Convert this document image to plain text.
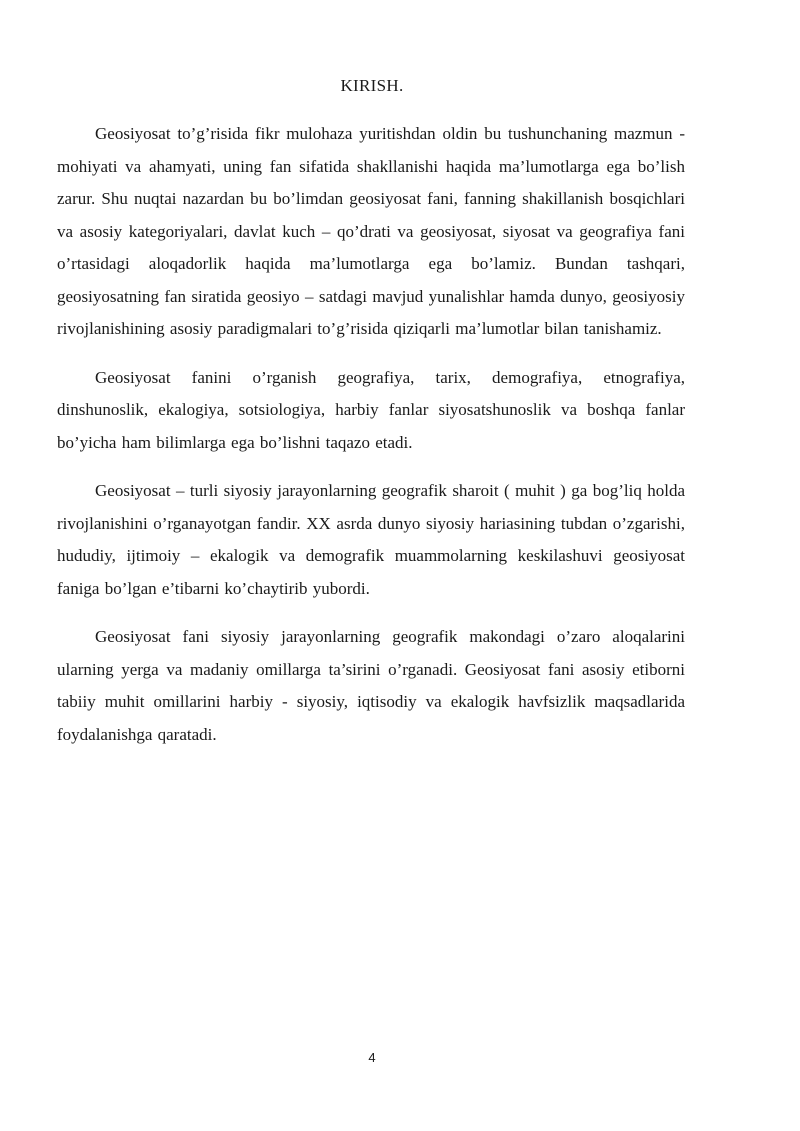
KIRISH.

Geosiyosat to’g’risida fikr mulohaza yuritishdan oldin bu tushunchaning mazmun - mohiyati va ahamyati, uning fan sifatida shakllanishi haqida ma’lumotlarga ega bo’lish zarur. Shu nuqtai nazardan bu bo’limdan geosiyosat fani, fanning shakillanish bosqichlari va asosiy kategoriyalari, davlat kuch – qo’drati va geosiyosat, siyosat va geografiya fani o’rtasidagi aloqadorlik haqida ma’lumotlarga ega bo’lamiz. Bundan tashqari, geosiyosatning fan siratida geosiyo – satdagi mavjud yunalishlar hamda dunyo, geosiyosiy rivojlanishining asosiy paradigmalari to’g’risida qiziqarli ma’lumotlar bilan tanishamiz.

Geosiyosat fanini o’rganish geografiya, tarix, demografiya, etnografiya, dinshunoslik, ekalogiya, sotsiologiya, harbiy fanlar siyosatshunoslik va boshqa fanlar bo’yicha ham bilimlarga ega bo’lishni taqazo etadi.

Geosiyosat – turli siyosiy jarayonlarning geografik sharoit ( muhit ) ga bog’liq holda rivojlanishini o’rganayotgan fandir. XX asrda dunyo siyosiy hariasining tubdan o’zgarishi, hududiy, ijtimoiy – ekalogik va demografik muammolarning keskilashuvi geosiyosat faniga bo’lgan e’tibarni ko’chaytirib yubordi.

Geosiyosat fani siyosiy jarayonlarning geografik makondagi o’zaro aloqalarini ularning yerga va madaniy omillarga ta’sirini o’rganadi. Geosiyosat fani asosiy etiborni tabiiy muhit omillarini harbiy - siyosiy, iqtisodiy va ekalogik havfsizlik maqsadlarida foydalanishga qaratadi.

4
